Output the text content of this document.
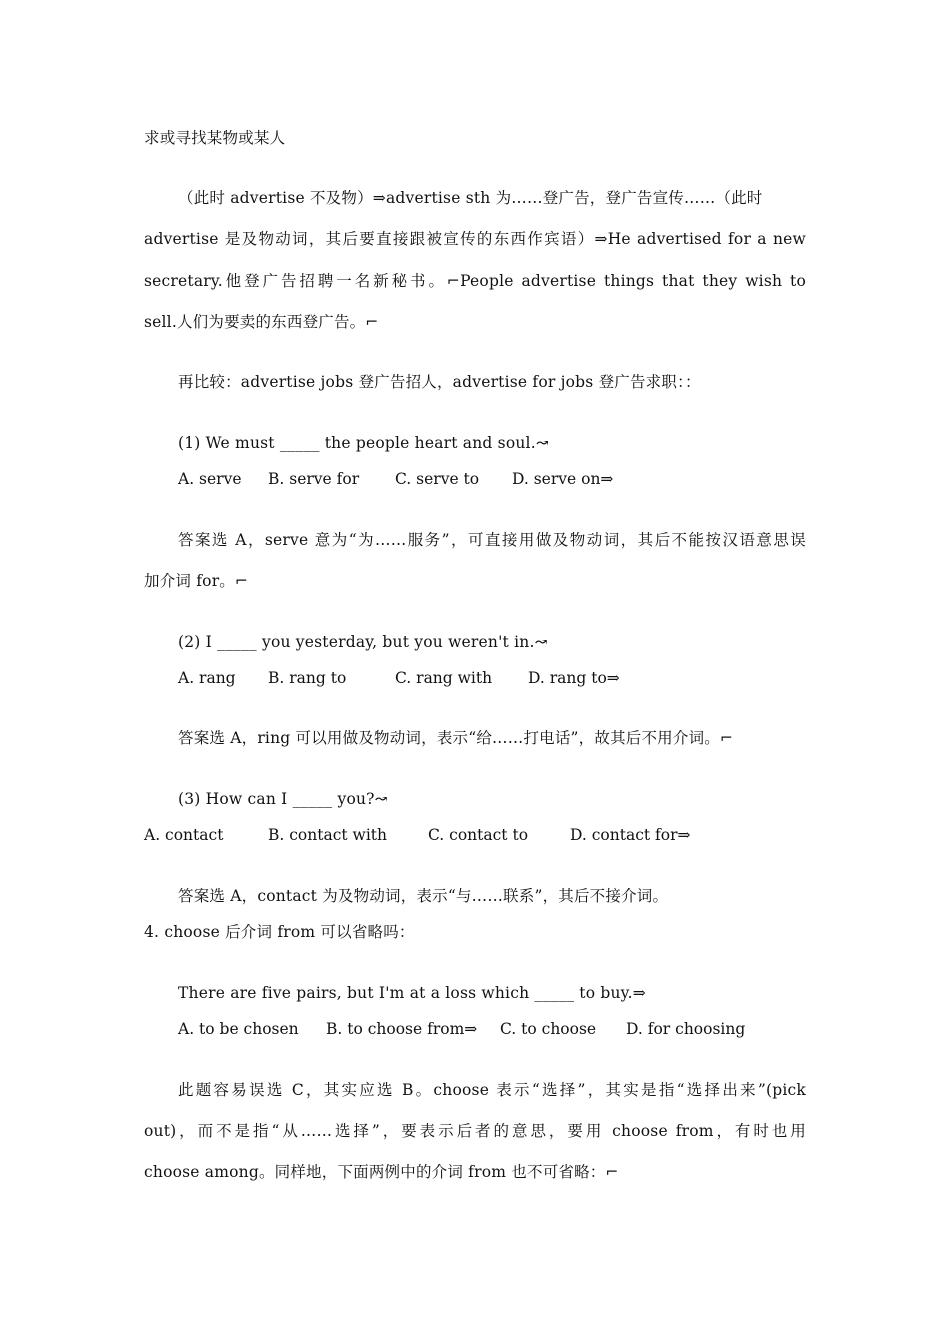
求或寻找某物或某人
（此时 advertise 不及物）⇒advertise sth 为……登广告，登广告宣传……（此时
advertise 是及物动词，其后要直接跟被宣传的东西作宾语）⇒He advertised for a new
secretary.他登广告招聘一名新秘书。⌐People advertise things that they wish to
sell.人们为要卖的东西登广告。⌐
再比较：advertise jobs 登广告招人，advertise for jobs 登广告求职：：
(1) We must _____ the people heart and soul.↝
A. serve B. serve for C. serve to D. serve on⇒
答案选 A，serve 意为“为……服务”，可直接用做及物动词，其后不能按汉语意思误
加介词 for。⌐
(2) I _____ you yesterday, but you weren't in.↝
A. rang B. rang to	C. rang with D. rang to⇒
答案选 A，ring 可以用做及物动词，表示“给……打电话”，故其后不用介词。⌐
(3) How can I _____ you?↝
A. contact	B. contact with	C. contact to	D. contact for⇒
答案选 A，contact 为及物动词，表示“与……联系”，其后不接介词。
4. choose 后介词 from 可以省略吗：
There are five pairs, but I'm at a loss which _____ to buy.⇒
A. to be chosen B. to choose from⇒ C. to choose D. for choosing
此题容易误选 C，其实应选 B。choose 表示“选择”，其实是指“选择出来”(pick
out)，而不是指“从……选择”，要表示后者的意思，要用 choose from，有时也用
choose among。同样地，下面两例中的介词 from 也不可省略：⌐
